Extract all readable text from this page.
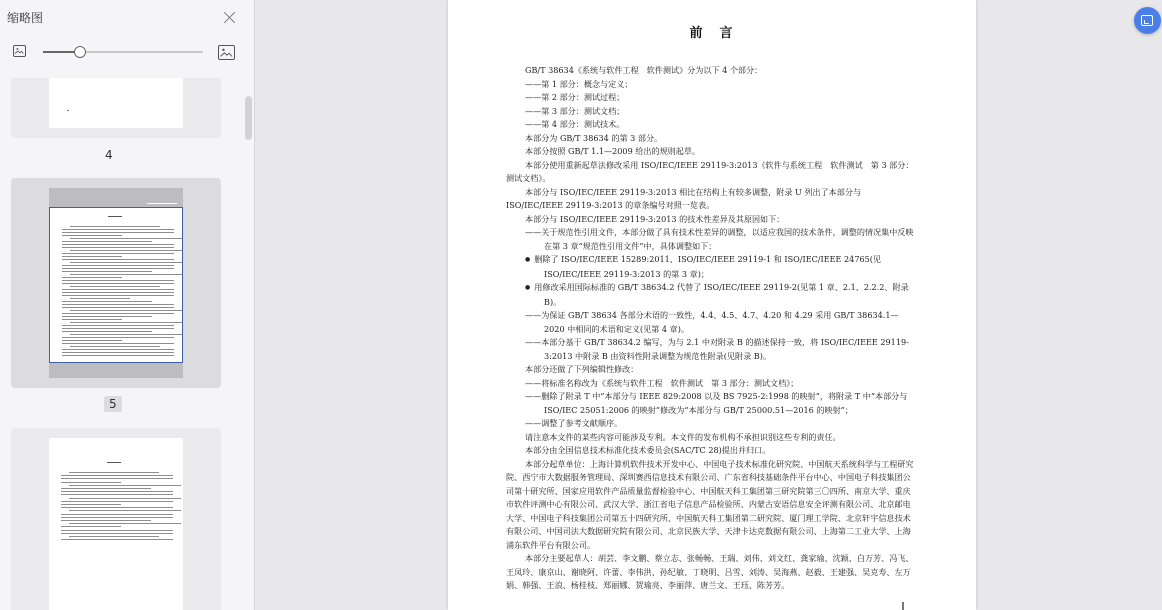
缩略图
4
5
前　言

GB/T 38634《系统与软件工程　软件测试》分为以下 4 个部分：

——第 1 部分：概念与定义；

——第 2 部分：测试过程；

——第 3 部分：测试文档；

——第 4 部分：测试技术。

本部分为 GB/T 38634 的第 3 部分。

本部分按照 GB/T 1.1—2009 给出的规则起草。

本部分使用重新起草法修改采用 ISO/IEC/IEEE 29119-3:2013《软件与系统工程　软件测试　第 3 部分：测试文档》。

本部分与 ISO/IEC/IEEE 29119-3:2013 相比在结构上有较多调整，附录 U 列出了本部分与 ISO/IEC/IEEE 29119-3:2013 的章条编号对照一览表。

本部分与 ISO/IEC/IEEE 29119-3:2013 的技术性差异及其原因如下：

——关于规范性引用文件，本部分做了具有技术性差异的调整，以适应我国的技术条件，调整的情况集中反映在第 3 章“规范性引用文件”中，具体调整如下：

● 删除了 ISO/IEC/IEEE 15289:2011、ISO/IEC/IEEE 29119-1 和 ISO/IEC/IEEE 24765(见 ISO/IEC/IEEE 29119-3:2013 的第 3 章)；

● 用修改采用国际标准的 GB/T 38634.2 代替了 ISO/IEC/IEEE 29119-2(见第 1 章、2.1、2.2.2、附录 B)。

——为保证 GB/T 38634 各部分术语的一致性，4.4、4.5、4.7、4.20 和 4.29 采用 GB/T 38634.1—2020 中相同的术语和定义(见第 4 章)。

——本部分基于 GB/T 38634.2 编写，为与 2.1 中对附录 B 的描述保持一致，将 ISO/IEC/IEEE 29119-3:2013 中附录 B 由资料性附录调整为规范性附录(见附录 B)。

本部分还做了下列编辑性修改：

——将标准名称改为《系统与软件工程　软件测试　第 3 部分：测试文档》；

——删除了附录 T 中“本部分与 IEEE 829:2008 以及 BS 7925-2:1998 的映射”，将附录 T 中“本部分与 ISO/IEC 25051:2006 的映射”修改为“本部分与 GB/T 25000.51—2016 的映射”；

——调整了参考文献顺序。

请注意本文件的某些内容可能涉及专利。本文件的发布机构不承担识别这些专利的责任。

本部分由全国信息技术标准化技术委员会(SAC/TC 28)提出并归口。

本部分起草单位：上海计算机软件技术开发中心、中国电子技术标准化研究院、中国航天系统科学与工程研究院、西宁市大数据服务管理局、深圳赛西信息技术有限公司、广东省科技基础条件平台中心、中国电子科技集团公司第十研究所、国家应用软件产品质量监督检验中心、中国航天科工集团第三研究院第三〇四所、南京大学、重庆市软件评测中心有限公司、武汉大学、浙江省电子信息产品检验所、内蒙古安语信息安全评测有限公司、北京邮电大学、中国电子科技集团公司第五十四研究所、中国航天科工集团第二研究院、厦门理工学院、北京轩宇信息技术有限公司、中国司法大数据研究院有限公司、北京民族大学、天津卡达克数据有限公司、上海第二工业大学、上海浦东软件平台有限公司。

本部分主要起草人：胡芸、李文鹏、蔡立志、张畅畅、王瑞、刘伟、刘文红、龚家瑜、沈颖、白万芳、冯飞、王凤玲、康京山、谢晓阿、许蕾、李伟洪、孙纪敏、丁晓明、吕雪、刘涛、吴海燕、赵毅、王建强、吴克寿、左万娟、韩强、王浪、杨桂枝、郑丽娜、贺瑜亮、李丽萍、唐兰文、王珏、陈芳芳。
